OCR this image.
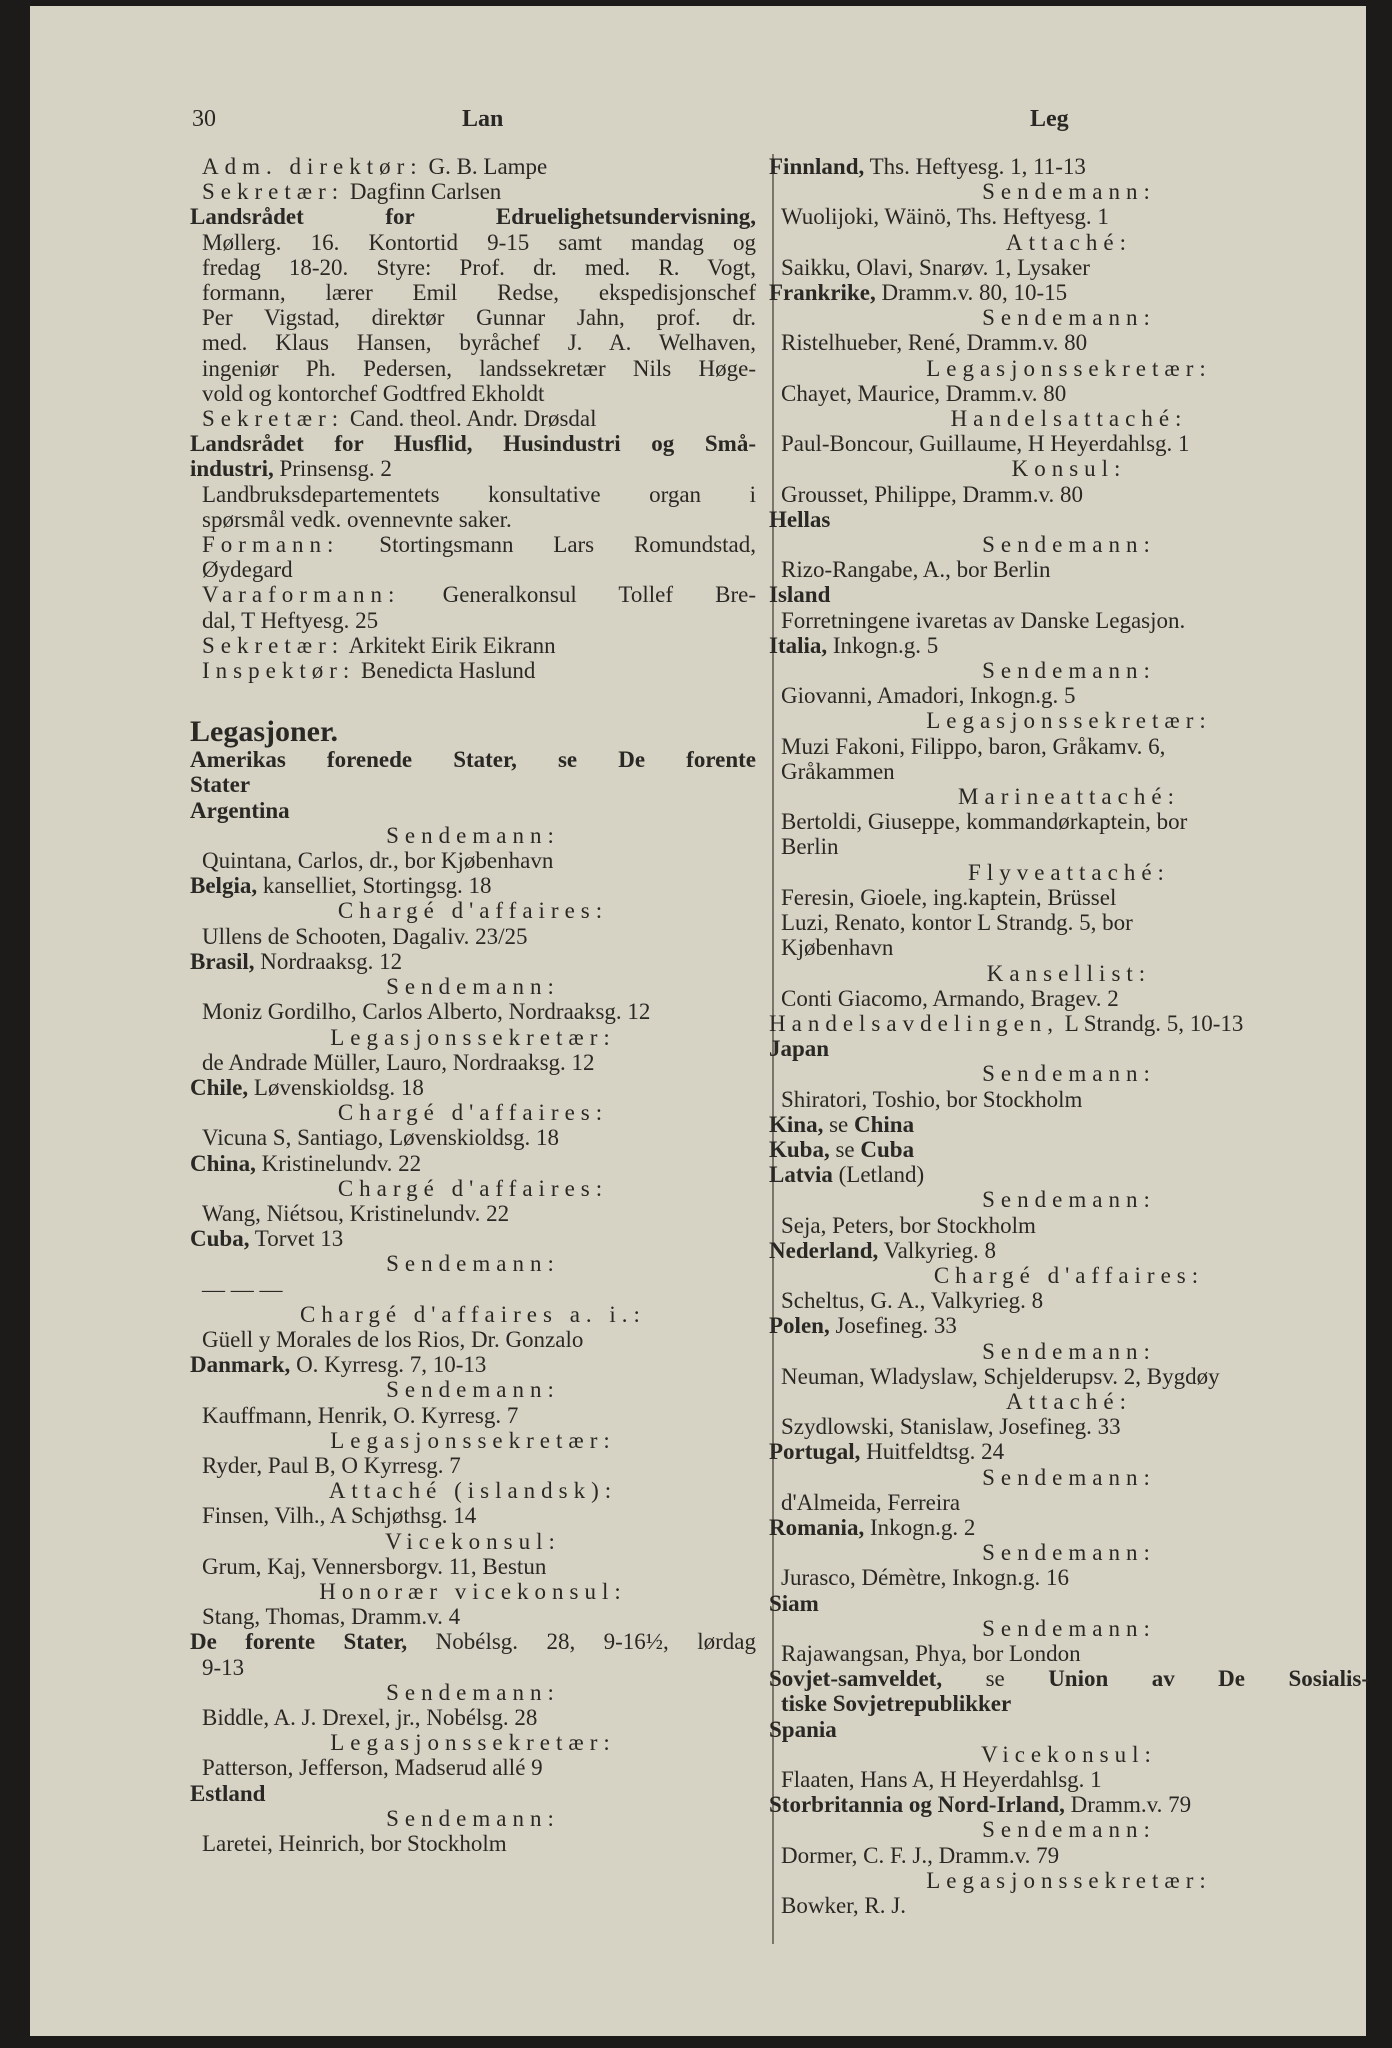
30	Lan	Leg
Adm. direktør: G. B. Lampe
Sekretær: Dagfinn Carlsen
Landsrådet for Edruelighetsundervisning,
Møllerg. 16. Kontortid 9-15 samt mandag og
fredag 18-20. Styre: Prof. dr. med. R. Vogt,
formann, lærer Emil Redse, ekspedisjonschef
Per Vigstad, direktør Gunnar Jahn, prof. dr.
med. Klaus Hansen, byråchef J. A. Welhaven,
ingeniør Ph. Pedersen, landssekretær Nils Høge-
vold og kontorchef Godtfred Ekholdt
Sekretær: Cand. theol. Andr. Drøsdal
Landsrådet for Husflid, Husindustri og Små-
industri, Prinsensg. 2
Landbruksdepartementets konsultative organ i
spørsmål vedk. ovennevnte saker.
Formann: Stortingsmann Lars Romundstad,
Øydegard
Varaformann: Generalkonsul Tollef Bre-
dal, T Heftyesg. 25
Sekretær: Arkitekt Eirik Eikrann
Inspektør: Benedicta Haslund
Legasjoner.
Amerikas forenede Stater, se De forente
Stater
Argentina
Sendemann:
Quintana, Carlos, dr., bor Kjøbenhavn
Belgia, kanselliet, Stortingsg. 18
Chargé d'affaires:
Ullens de Schooten, Dagaliv. 23/25
Brasil, Nordraaksg. 12
Sendemann:
Moniz Gordilho, Carlos Alberto, Nordraaksg. 12
Legasjonssekretær:
de Andrade Müller, Lauro, Nordraaksg. 12
Chile, Løvenskioldsg. 18
Chargé d'affaires:
Vicuna S, Santiago, Løvenskioldsg. 18
China, Kristinelundv. 22
Chargé d'affaires:
Wang, Niétsou, Kristinelundv. 22
Cuba, Torvet 13
Sendemann:
— — —
Chargé d'affaires a. i.:
Güell y Morales de los Rios, Dr. Gonzalo
Danmark, O. Kyrresg. 7, 10-13
Sendemann:
Kauffmann, Henrik, O. Kyrresg. 7
Legasjonssekretær:
Ryder, Paul B, O Kyrresg. 7
Attaché (islandsk):
Finsen, Vilh., A Schjøthsg. 14
Vicekonsul:
Grum, Kaj, Vennersborgv. 11, Bestun
Honorær vicekonsul:
Stang, Thomas, Dramm.v. 4
De forente Stater, Nobélsg. 28, 9-16½, lørdag
9-13
Sendemann:
Biddle, A. J. Drexel, jr., Nobélsg. 28
Legasjonssekretær:
Patterson, Jefferson, Madserud allé 9
Estland
Sendemann:
Laretei, Heinrich, bor Stockholm
Finnland, Ths. Heftyesg. 1, 11-13
Sendemann:
Wuolijoki, Wäinö, Ths. Heftyesg. 1
Attaché:
Saikku, Olavi, Snarøv. 1, Lysaker
Frankrike, Dramm.v. 80, 10-15
Sendemann:
Ristelhueber, René, Dramm.v. 80
Legasjonssekretær:
Chayet, Maurice, Dramm.v. 80
Handelsattaché:
Paul-Boncour, Guillaume, H Heyerdahlsg. 1
Konsul:
Grousset, Philippe, Dramm.v. 80
Hellas
Sendemann:
Rizo-Rangabe, A., bor Berlin
Island
Forretningene ivaretas av Danske Legasjon.
Italia, Inkogn.g. 5
Sendemann:
Giovanni, Amadori, Inkogn.g. 5
Legasjonssekretær:
Muzi Fakoni, Filippo, baron, Gråkamv. 6,
Gråkammen
Marineattaché:
Bertoldi, Giuseppe, kommandørkaptein, bor
Berlin
Flyveattaché:
Feresin, Gioele, ing.kaptein, Brüssel
Luzi, Renato, kontor L Strandg. 5, bor
Kjøbenhavn
Kansellist:
Conti Giacomo, Armando, Bragev. 2
Handelsavdelingen, L Strandg. 5, 10-13
Japan
Sendemann:
Shiratori, Toshio, bor Stockholm
Kina, se China
Kuba, se Cuba
Latvia (Letland)
Sendemann:
Seja, Peters, bor Stockholm
Nederland, Valkyrieg. 8
Chargé d'affaires:
Scheltus, G. A., Valkyrieg. 8
Polen, Josefineg. 33
Sendemann:
Neuman, Wladyslaw, Schjelderupsv. 2, Bygdøy
Attaché:
Szydlowski, Stanislaw, Josefineg. 33
Portugal, Huitfeldtsg. 24
Sendemann:
d'Almeida, Ferreira
Romania, Inkogn.g. 2
Sendemann:
Jurasco, Démètre, Inkogn.g. 16
Siam
Sendemann:
Rajawangsan, Phya, bor London
Sovjet-samveldet, se Union av De Sosialis-
tiske Sovjetrepublikker
Spania
Vicekonsul:
Flaaten, Hans A, H Heyerdahlsg. 1
Storbritannia og Nord-Irland, Dramm.v. 79
Sendemann:
Dormer, C. F. J., Dramm.v. 79
Legasjonssekretær:
Bowker, R. J.
